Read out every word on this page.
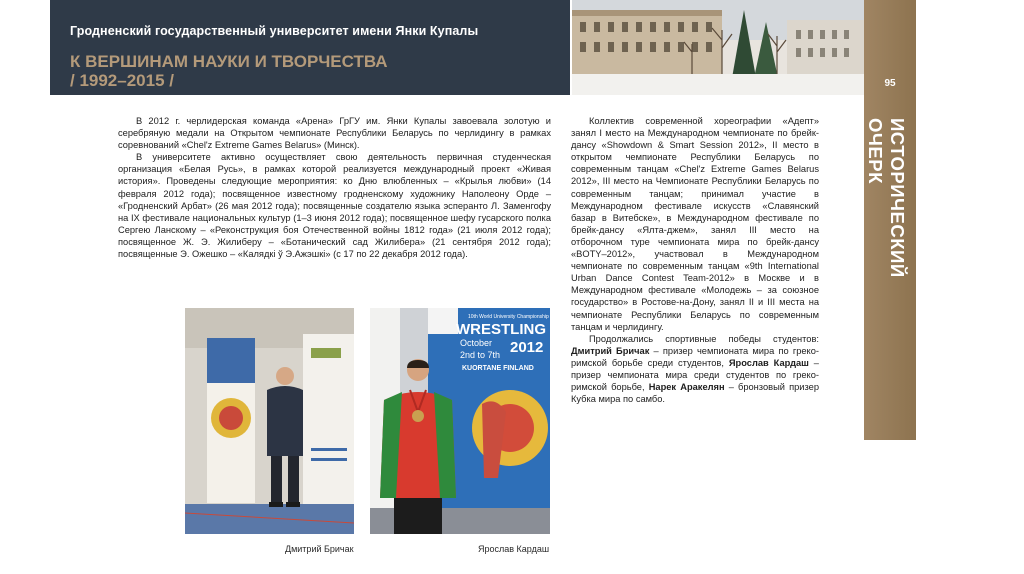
Гродненский государственный университет имени Янки Купалы
К ВЕРШИНАМ НАУКИ И ТВОРЧЕСТВА
/ 1992–2015 /	95
ИСТОРИЧЕСКИЙ ОЧЕРК

В 2012 г. черлидерская команда «Арена» ГрГУ им. Янки Купалы завоевала золотую и серебряную медали на Открытом чемпионате Республики Беларусь по черлидингу в рамках соревнований «Chel'z Extreme Games Belarus» (Минск).

В университете активно осуществляет свою деятельность первичная студенческая организация «Белая Русь», в рамках которой реализуется международный проект «Живая история». Проведены следующие мероприятия: ко Дню влюбленных – «Крылья любви» (14 февраля 2012 года); посвященное известному гродненскому художнику Наполеону Орде – «Гродненский Арбат» (26 мая 2012 года); посвященные создателю языка эсперанто Л. Заменгофу на IX фестивале национальных культур (1–3 июня 2012 года); посвященное шефу гусарского полка Сергею Ланскому – «Реконструкция боя Отечественной войны 1812 года» (21 июля 2012 года); посвященное Ж. Э. Жилиберу – «Ботанический сад Жилибера» (21 сентября 2012 года); посвященные Э. Ожешко – «Калядкі ў Э.Ажэшкі» (с 17 по 22 декабря 2012 года).

Коллектив современной хореографии «Адепт» занял I место на Международном чемпионате по брейк-дансу «Showdown & Smart Session 2012», II место в открытом чемпионате Республики Беларусь по современным танцам «Chel'z Extreme Games Belarus 2012», III место на Чемпионате Республики Беларусь по современным танцам; принимал участие в Международном фестивале искусств «Славянский базар в Витебске», в Международном фестивале по брейк-дансу «Ялта-джем», занял III место на отборочном туре чемпионата мира по брейк-дансу «BOTY–2012», участвовал в Международном чемпионате по современным танцам «9th International Urban Dance Contest Team-2012» в Москве и в Международном фестивале «Молодежь – за союзное государство» в Ростове-на-Дону, занял II и III места на чемпионате Республики Беларусь по современным танцам и черлидингу.

Продолжались спортивные победы студентов: Дмитрий Бричак – призер чемпионата мира по греко-римской борьбе среди студентов, Ярослав Кардаш – призер чемпионата мира среди студентов по греко-римской борьбе, Нарек Аракелян – бронзовый призер Кубка мира по самбо.

10th World University Championship
WRESTLING
2012
October
2nd to 7th
KUORTANE FINLAND
Дмитрий Бричак	Ярослав Кардаш
